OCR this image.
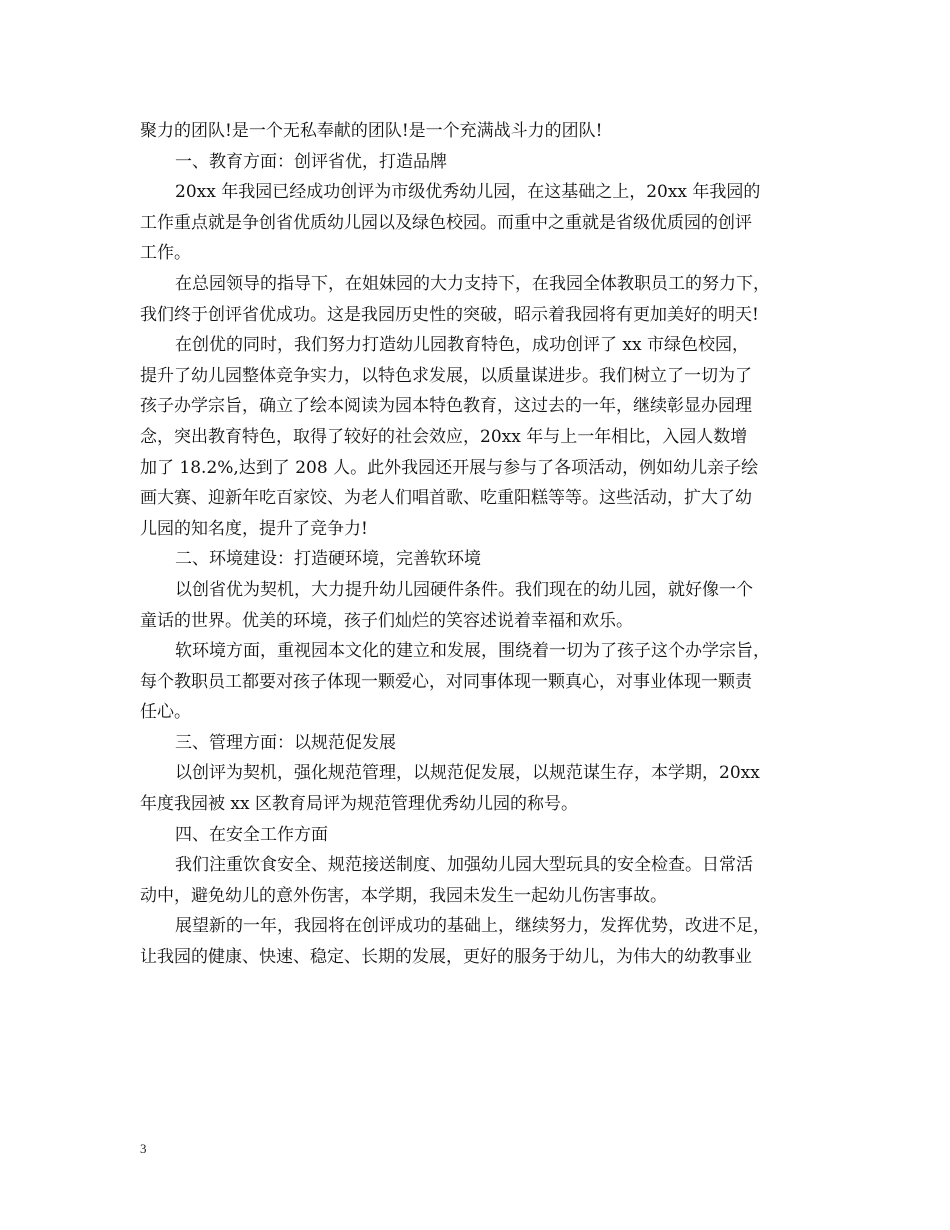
聚力的团队!是一个无私奉献的团队!是一个充满战斗力的团队!
一、教育方面：创评省优，打造品牌
20xx 年我园已经成功创评为市级优秀幼儿园，在这基础之上，20xx 年我园的
工作重点就是争创省优质幼儿园以及绿色校园。而重中之重就是省级优质园的创评
工作。
在总园领导的指导下，在姐妹园的大力支持下，在我园全体教职员工的努力下，
我们终于创评省优成功。这是我园历史性的突破，昭示着我园将有更加美好的明天!
在创优的同时，我们努力打造幼儿园教育特色，成功创评了 xx 市绿色校园，
提升了幼儿园整体竞争实力，以特色求发展，以质量谋进步。我们树立了一切为了
孩子办学宗旨，确立了绘本阅读为园本特色教育，这过去的一年，继续彰显办园理
念，突出教育特色，取得了较好的社会效应，20xx 年与上一年相比，入园人数增
加了 18.2%,达到了 208 人。此外我园还开展与参与了各项活动，例如幼儿亲子绘
画大赛、迎新年吃百家饺、为老人们唱首歌、吃重阳糕等等。这些活动，扩大了幼
儿园的知名度，提升了竞争力!
二、环境建设：打造硬环境，完善软环境
以创省优为契机，大力提升幼儿园硬件条件。我们现在的幼儿园，就好像一个
童话的世界。优美的环境，孩子们灿烂的笑容述说着幸福和欢乐。
软环境方面，重视园本文化的建立和发展，围绕着一切为了孩子这个办学宗旨，
每个教职员工都要对孩子体现一颗爱心，对同事体现一颗真心，对事业体现一颗责
任心。
三、管理方面：以规范促发展
以创评为契机，强化规范管理，以规范促发展，以规范谋生存，本学期，20xx
年度我园被 xx 区教育局评为规范管理优秀幼儿园的称号。
四、在安全工作方面
我们注重饮食安全、规范接送制度、加强幼儿园大型玩具的安全检查。日常活
动中，避免幼儿的意外伤害，本学期，我园未发生一起幼儿伤害事故。
展望新的一年，我园将在创评成功的基础上，继续努力，发挥优势，改进不足，
让我园的健康、快速、稳定、长期的发展，更好的服务于幼儿，为伟大的幼教事业
3
